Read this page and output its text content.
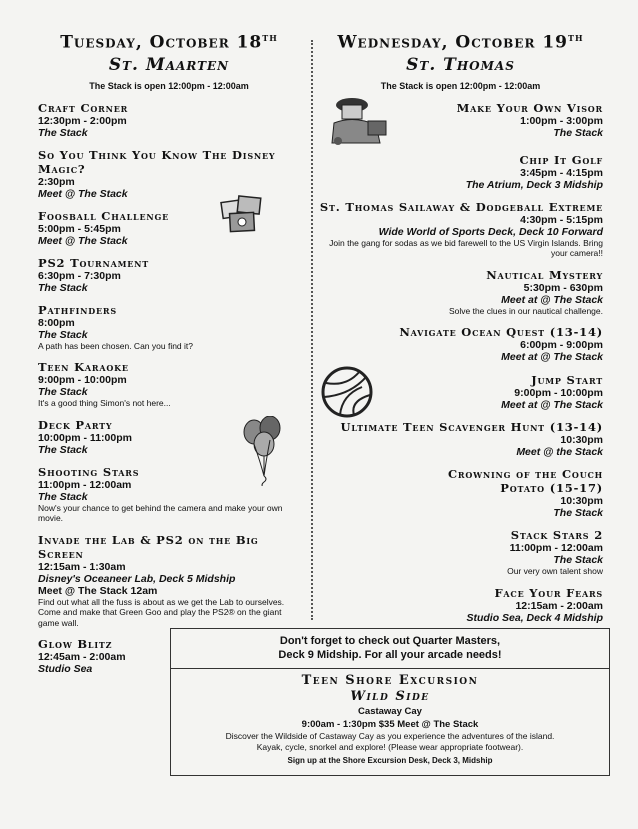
Tuesday, October 18TH
St. Maarten
The Stack is open 12:00pm - 12:00am
Craft Corner
12:30pm - 2:00pm
The Stack
So You Think You Know The Disney Magic?
2:30pm
Meet @ The Stack
Foosball Challenge
5:00pm - 5:45pm
Meet @ The Stack
PS2 Tournament
6:30pm - 7:30pm
The Stack
Pathfinders
8:00pm
The Stack
A path has been chosen. Can you find it?
Teen Karaoke
9:00pm - 10:00pm
The Stack
It's a good thing Simon's not here...
Deck Party
10:00pm - 11:00pm
The Stack
Shooting Stars
11:00pm - 12:00am
The Stack
Now's your chance to get behind the camera and make your own movie.
Invade the Lab & PS2 on the Big Screen
12:15am - 1:30am
Disney's Oceaneer Lab, Deck 5 Midship
Meet @ The Stack 12am
Find out what all the fuss is about as we get the Lab to ourselves. Come and make that Green Goo and play the PS2® on the giant game wall.
Glow Blitz
12:45am - 2:00am
Studio Sea
Wednesday, October 19TH
St. Thomas
The Stack is open 12:00pm - 12:00am
Make Your Own Visor
1:00pm - 3:00pm
The Stack
Chip It Golf
3:45pm - 4:15pm
The Atrium, Deck 3 Midship
St. Thomas Sailaway & Dodgeball Extreme
4:30pm - 5:15pm
Wide World of Sports Deck, Deck 10 Forward
Join the gang for sodas as we bid farewell to the US Virgin Islands. Bring your camera!!
Nautical Mystery
5:30pm - 630pm
Meet at @ The Stack
Solve the clues in our nautical challenge.
Navigate Ocean Quest (13-14)
6:00pm - 9:00pm
Meet at @ The Stack
Jump Start
9:00pm - 10:00pm
Meet at @ The Stack
Ultimate Teen Scavenger Hunt (13-14)
10:30pm
Meet @ the Stack
Crowning of the Couch Potato (15-17)
10:30pm
The Stack
Stack Stars 2
11:00pm - 12:00am
The Stack
Our very own talent show
Face Your Fears
12:15am - 2:00am
Studio Sea, Deck 4 Midship
Don't forget to check out Quarter Masters,
Deck 9 Midship. For all your arcade needs!
Teen Shore Excursion
Wild Side
Castaway Cay
9:00am - 1:30pm $35 Meet @ The Stack
Discover the Wildside of Castaway Cay as you experience the adventures of the island.
Kayak, cycle, snorkel and explore! (Please wear appropriate footwear).
Sign up at the Shore Excursion Desk, Deck 3, Midship
